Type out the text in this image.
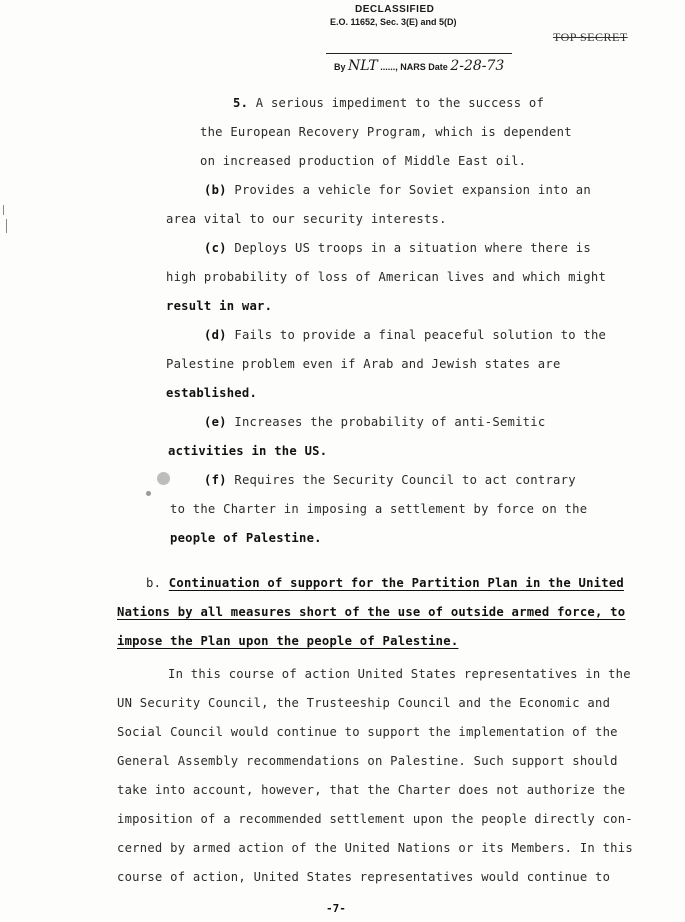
DECLASSIFIED
E.O. 11652, Sec. 3(E) and 5(D)
By NLT ......, NARS Date 2-28-73
TOP SECRET
5. A serious impediment to the success of
the European Recovery Program, which is dependent
on increased production of Middle East oil.
(b) Provides a vehicle for Soviet expansion into an
area vital to our security interests.
(c) Deploys US troops in a situation where there is
high probability of loss of American lives and which might
result in war.
(d) Fails to provide a final peaceful solution to the
Palestine problem even if Arab and Jewish states are
established.
(e) Increases the probability of anti-Semitic
activities in the US.
(f) Requires the Security Council to act contrary
to the Charter in imposing a settlement by force on the
people of Palestine.
b. Continuation of support for the Partition Plan in the United
Nations by all measures short of the use of outside armed force, to
impose the Plan upon the people of Palestine.
In this course of action United States representatives in the
UN Security Council, the Trusteeship Council and the Economic and
Social Council would continue to support the implementation of the
General Assembly recommendations on Palestine. Such support should
take into account, however, that the Charter does not authorize the
imposition of a recommended settlement upon the people directly con-
cerned by armed action of the United Nations or its Members. In this
course of action, United States representatives would continue to
-7-
